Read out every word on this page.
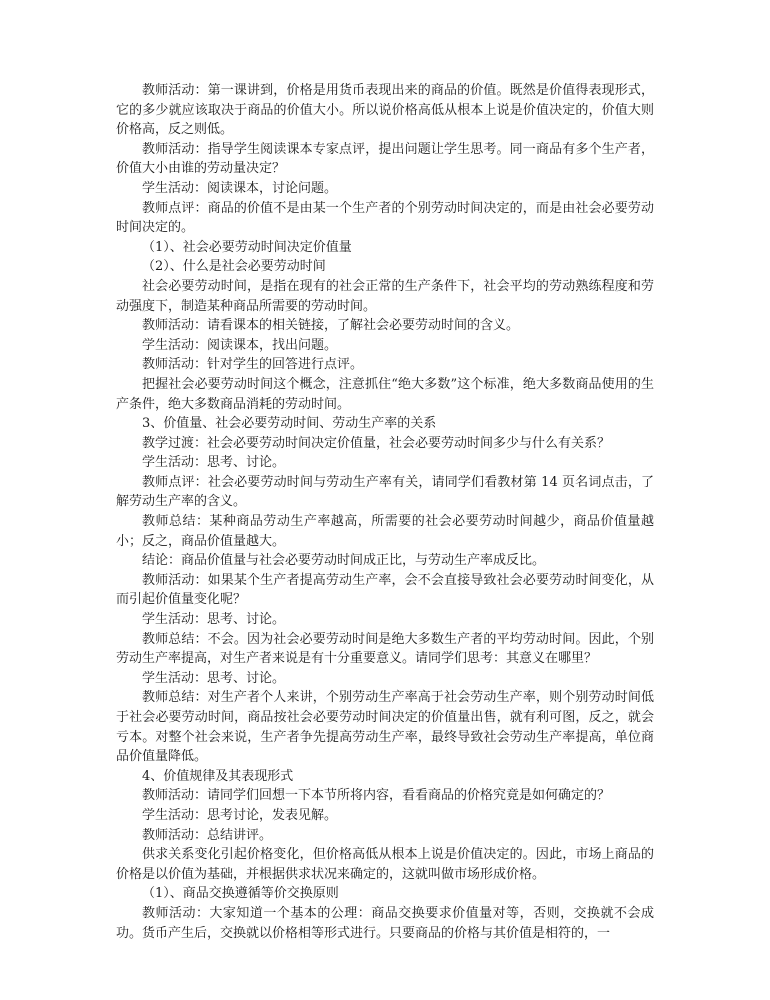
教师活动：第一课讲到，价格是用货币表现出来的商品的价值。既然是价值得表现形式，它的多少就应该取决于商品的价值大小。所以说价格高低从根本上说是价值决定的，价值大则价格高，反之则低。

教师活动：指导学生阅读课本专家点评，提出问题让学生思考。同一商品有多个生产者，价值大小由谁的劳动量决定？

学生活动：阅读课本，讨论问题。

教师点评：商品的价值不是由某一个生产者的个别劳动时间决定的，而是由社会必要劳动时间决定的。

（1）、社会必要劳动时间决定价值量

（2）、什么是社会必要劳动时间

社会必要劳动时间，是指在现有的社会正常的生产条件下，社会平均的劳动熟练程度和劳动强度下，制造某种商品所需要的劳动时间。

教师活动：请看课本的相关链接，了解社会必要劳动时间的含义。

学生活动：阅读课本，找出问题。

教师活动：针对学生的回答进行点评。

把握社会必要劳动时间这个概念，注意抓住“绝大多数”这个标准，绝大多数商品使用的生产条件，绝大多数商品消耗的劳动时间。

3、价值量、社会必要劳动时间、劳动生产率的关系

教学过渡：社会必要劳动时间决定价值量，社会必要劳动时间多少与什么有关系？

学生活动：思考、讨论。

教师点评：社会必要劳动时间与劳动生产率有关，请同学们看教材第 14 页名词点击，了解劳动生产率的含义。

教师总结：某种商品劳动生产率越高，所需要的社会必要劳动时间越少，商品价值量越小；反之，商品价值量越大。

结论：商品价值量与社会必要劳动时间成正比，与劳动生产率成反比。

教师活动：如果某个生产者提高劳动生产率，会不会直接导致社会必要劳动时间变化，从而引起价值量变化呢？

学生活动：思考、讨论。

教师总结：不会。因为社会必要劳动时间是绝大多数生产者的平均劳动时间。因此，个别劳动生产率提高，对生产者来说是有十分重要意义。请同学们思考：其意义在哪里？

学生活动：思考、讨论。

教师总结：对生产者个人来讲，个别劳动生产率高于社会劳动生产率，则个别劳动时间低于社会必要劳动时间，商品按社会必要劳动时间决定的价值量出售，就有利可图，反之，就会亏本。对整个社会来说，生产者争先提高劳动生产率，最终导致社会劳动生产率提高，单位商品价值量降低。

4、价值规律及其表现形式

教师活动：请同学们回想一下本节所将内容，看看商品的价格究竟是如何确定的？

学生活动：思考讨论，发表见解。

教师活动：总结讲评。

供求关系变化引起价格变化，但价格高低从根本上说是价值决定的。因此，市场上商品的价格是以价值为基础，并根据供求状况来确定的，这就叫做市场形成价格。

（1）、商品交换遵循等价交换原则

教师活动：大家知道一个基本的公理：商品交换要求价值量对等，否则，交换就不会成功。货币产生后，交换就以价格相等形式进行。只要商品的价格与其价值是相符的，一
